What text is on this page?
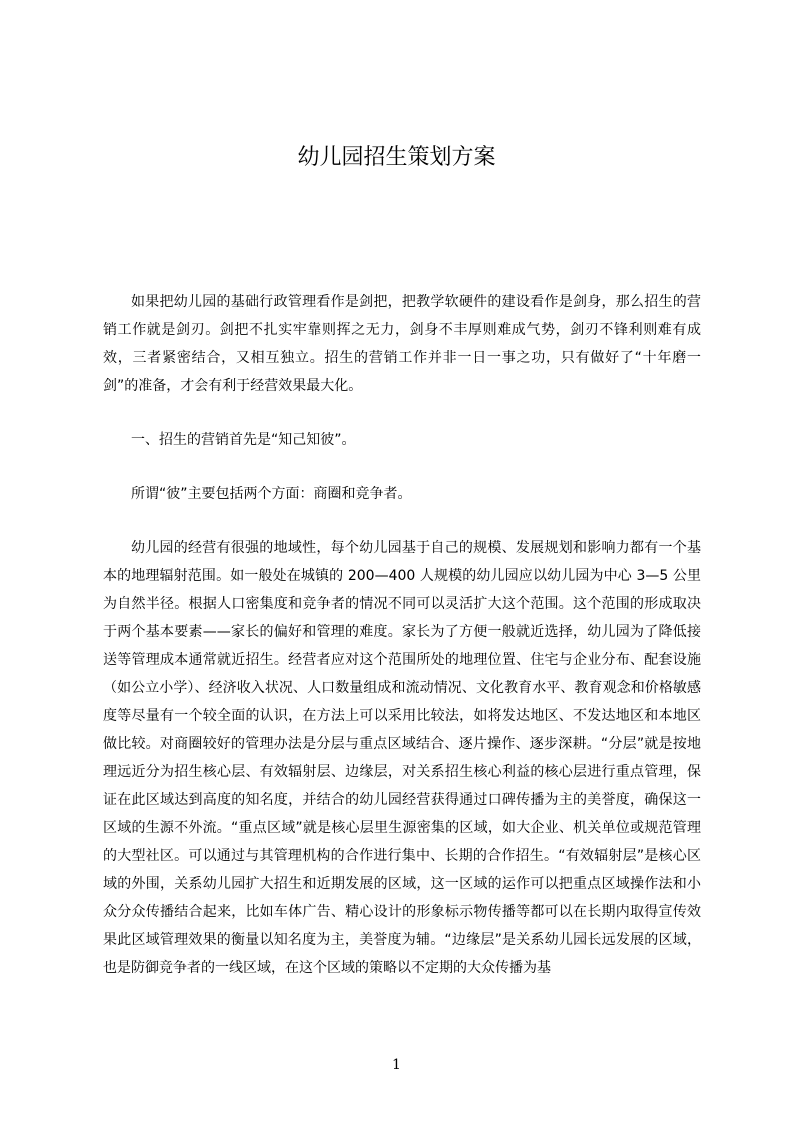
幼儿园招生策划方案

如果把幼儿园的基础行政管理看作是剑把，把教学软硬件的建设看作是剑身，那么招生的营销工作就是剑刃。剑把不扎实牢靠则挥之无力，剑身不丰厚则难成气势，剑刃不锋利则难有成效，三者紧密结合，又相互独立。招生的营销工作并非一日一事之功，只有做好了“十年磨一剑”的准备，才会有利于经营效果最大化。

一、招生的营销首先是“知己知彼”。

所谓“彼”主要包括两个方面：商圈和竞争者。

幼儿园的经营有很强的地域性，每个幼儿园基于自己的规模、发展规划和影响力都有一个基本的地理辐射范围。如一般处在城镇的 200—400 人规模的幼儿园应以幼儿园为中心 3—5 公里为自然半径。根据人口密集度和竞争者的情况不同可以灵活扩大这个范围。这个范围的形成取决于两个基本要素——家长的偏好和管理的难度。家长为了方便一般就近选择，幼儿园为了降低接送等管理成本通常就近招生。经营者应对这个范围所处的地理位置、住宅与企业分布、配套设施（如公立小学）、经济收入状况、人口数量组成和流动情况、文化教育水平、教育观念和价格敏感度等尽量有一个较全面的认识，在方法上可以采用比较法，如将发达地区、不发达地区和本地区做比较。对商圈较好的管理办法是分层与重点区域结合、逐片操作、逐步深耕。“分层”就是按地理远近分为招生核心层、有效辐射层、边缘层，对关系招生核心利益的核心层进行重点管理，保证在此区域达到高度的知名度，并结合的幼儿园经营获得通过口碑传播为主的美誉度，确保这一区域的生源不外流。“重点区域”就是核心层里生源密集的区域，如大企业、机关单位或规范管理的大型社区。可以通过与其管理机构的合作进行集中、长期的合作招生。“有效辐射层”是核心区域的外围，关系幼儿园扩大招生和近期发展的区域，这一区域的运作可以把重点区域操作法和小众分众传播结合起来，比如车体广告、精心设计的形象标示物传播等都可以在长期内取得宣传效果此区域管理效果的衡量以知名度为主，美誉度为辅。“边缘层”是关系幼儿园长远发展的区域，也是防御竞争者的一线区域，在这个区域的策略以不定期的大众传播为基

1
